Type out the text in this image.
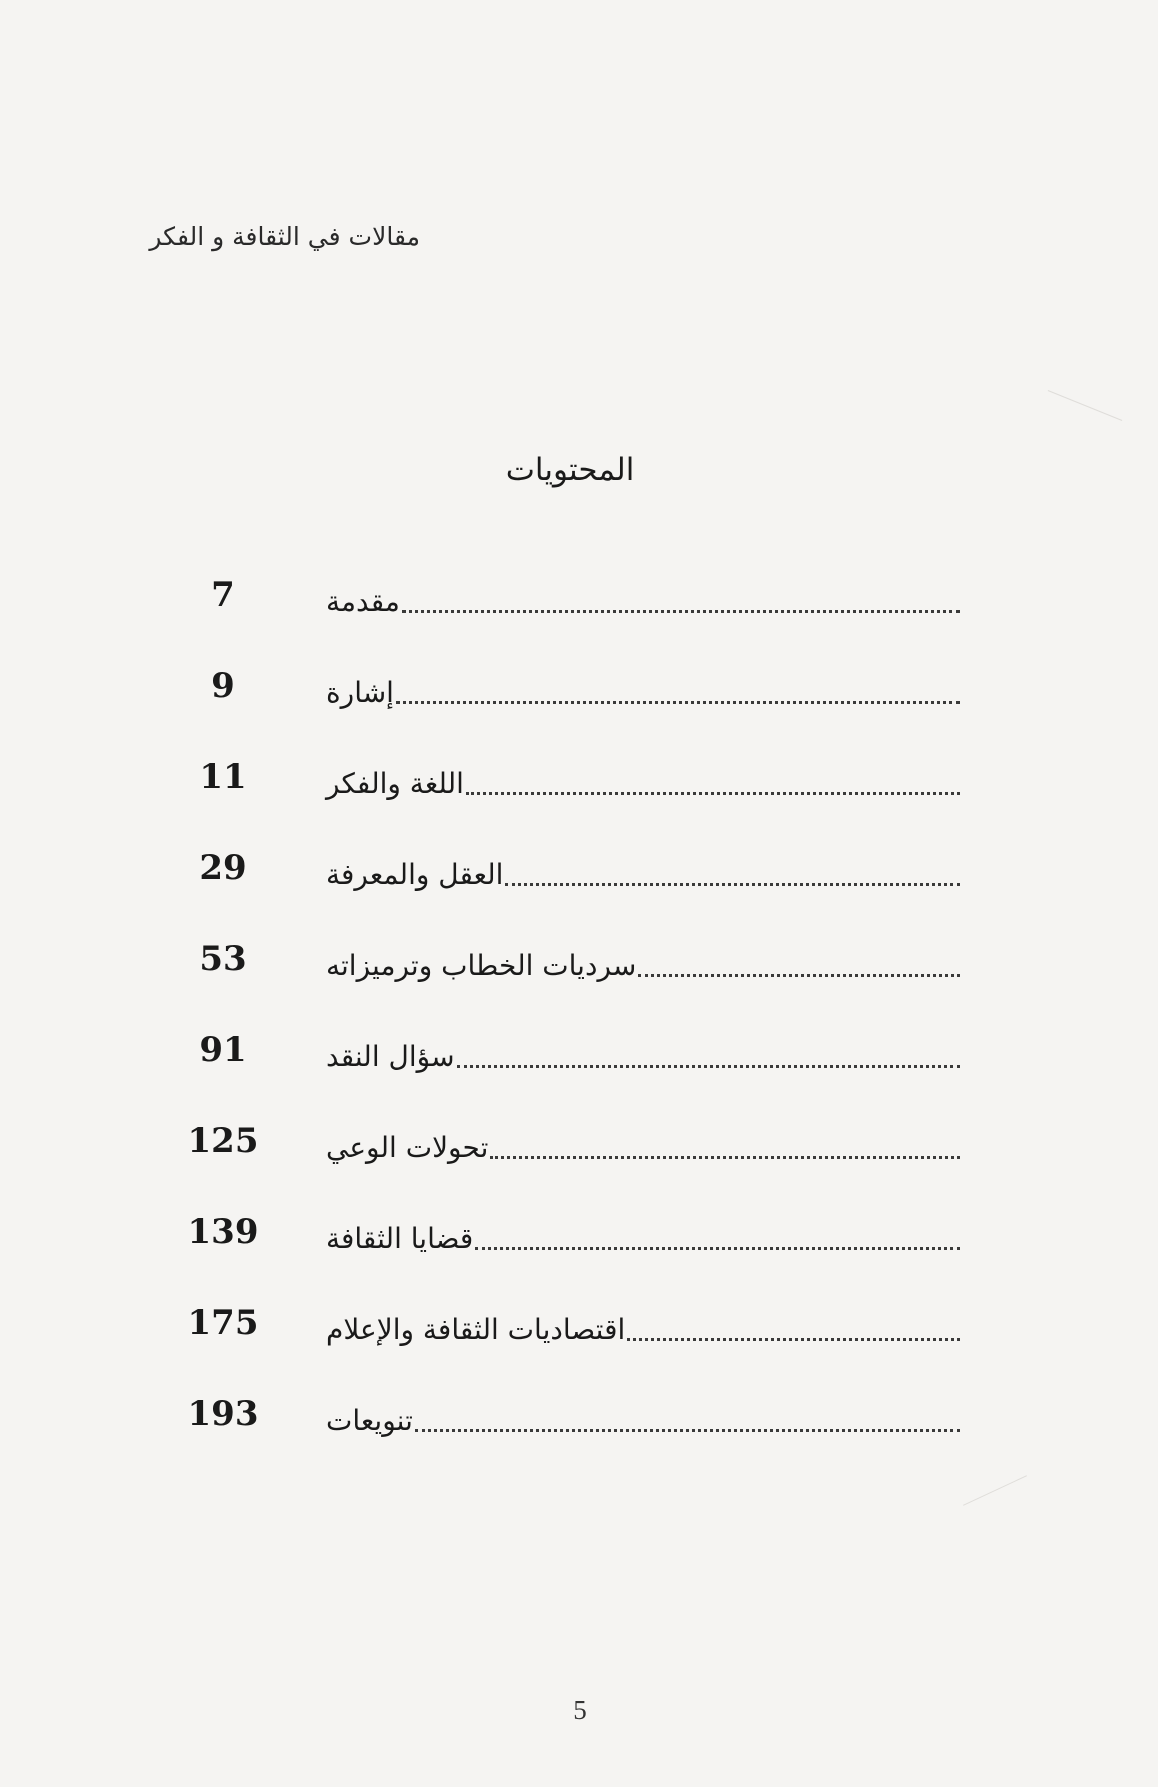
مقالات في الثقافة و الفكر
المحتويات
7	مقدمة
9	إشارة
11	اللغة والفكر
29	العقل والمعرفة
53	سرديات الخطاب وترميزاته
91	سؤال النقد
125 تحولات الوعي
139 قضايا الثقافة
175 اقتصاديات الثقافة والإعلام
193 تنويعات
5
